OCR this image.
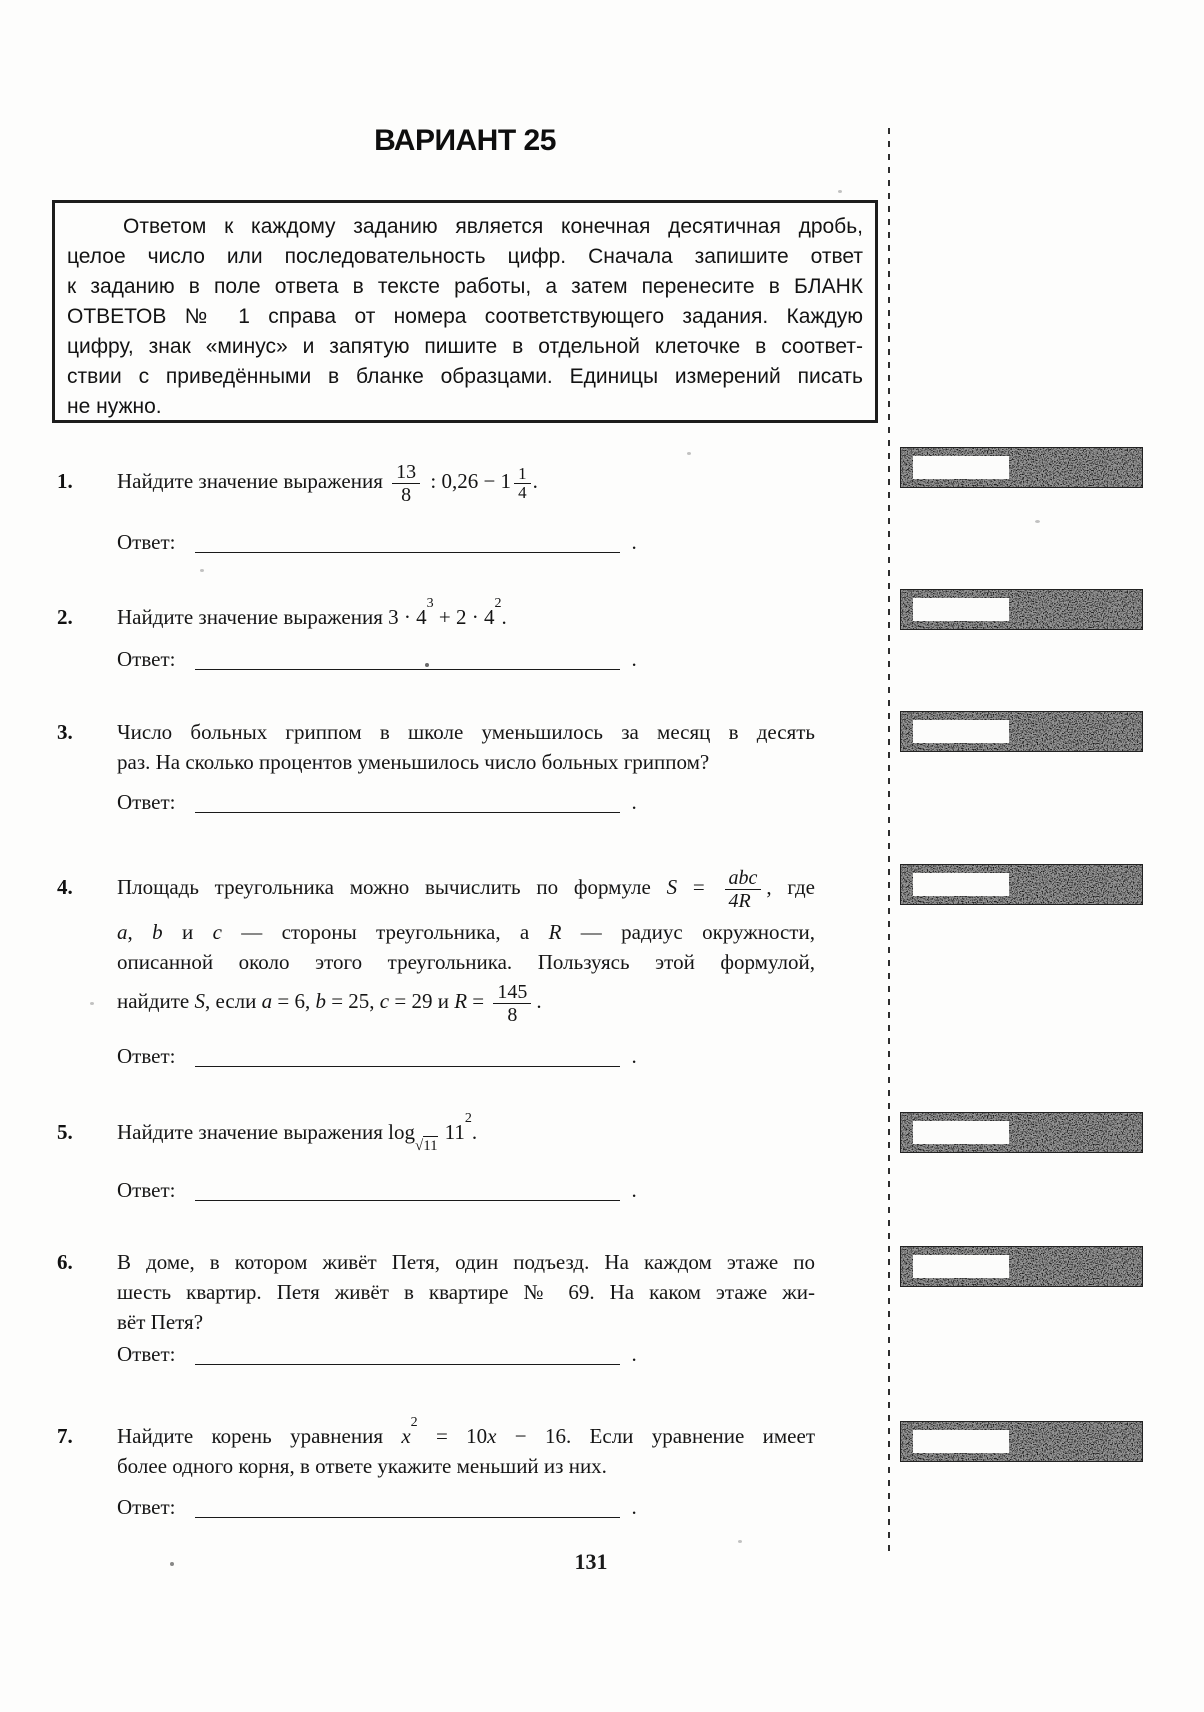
ВАРИАНТ 25
Ответом к каждому заданию является конечная десятичная дробь,
целое число или последовательность цифр. Сначала запишите ответ
к заданию в поле ответа в тексте работы, а затем перенесите в БЛАНК
ОТВЕТОВ № 1 справа от номера соответствующего задания. Каждую
цифру, знак «минус» и запятую пишите в отдельной клеточке в соответ-
ствии с приведёнными в бланке образцами. Единицы измерений писать
не нужно.
1.	Найдите значение выражения $\frac{13}{8}$ : $0,26 - 1 \frac{1}{4}$ .
Ответ:	.
2.	Найдите значение выражения $3 \cdot 4^3 + 2 \cdot 4^2$.
Ответ:	.
3.	Число больных гриппом в школе уменьшилось за месяц в десять
раз. На сколько процентов уменьшилось число больных гриппом?
Ответ:	.
4.	Площадь треугольника можно вычислить по формуле $S = \frac{\text{abc}}{4R}$ , где
a, b и c — стороны треугольника, а R — радиус окружности,
описанной около этого треугольника. Пользуясь этой формулой,
найдите S, если a = 6, b = 25, c = 29 и $R = \frac{145}{8}$ .
Ответ:	.
5.	Найдите значение выражения $\log_{√11}11^2$.
Ответ:	.
6.	В доме, в котором живёт Петя, один подъезд. На каждом этаже по
шесть квартир. Петя живёт в квартире № 69. На каком этаже жи-
вёт Петя?
Ответ:	.
7.	Найдите корень уравнения $x^2 = 10x - 16$. Если уравнение имеет
более одного корня, в ответе укажите меньший из них.
Ответ:	.
131
